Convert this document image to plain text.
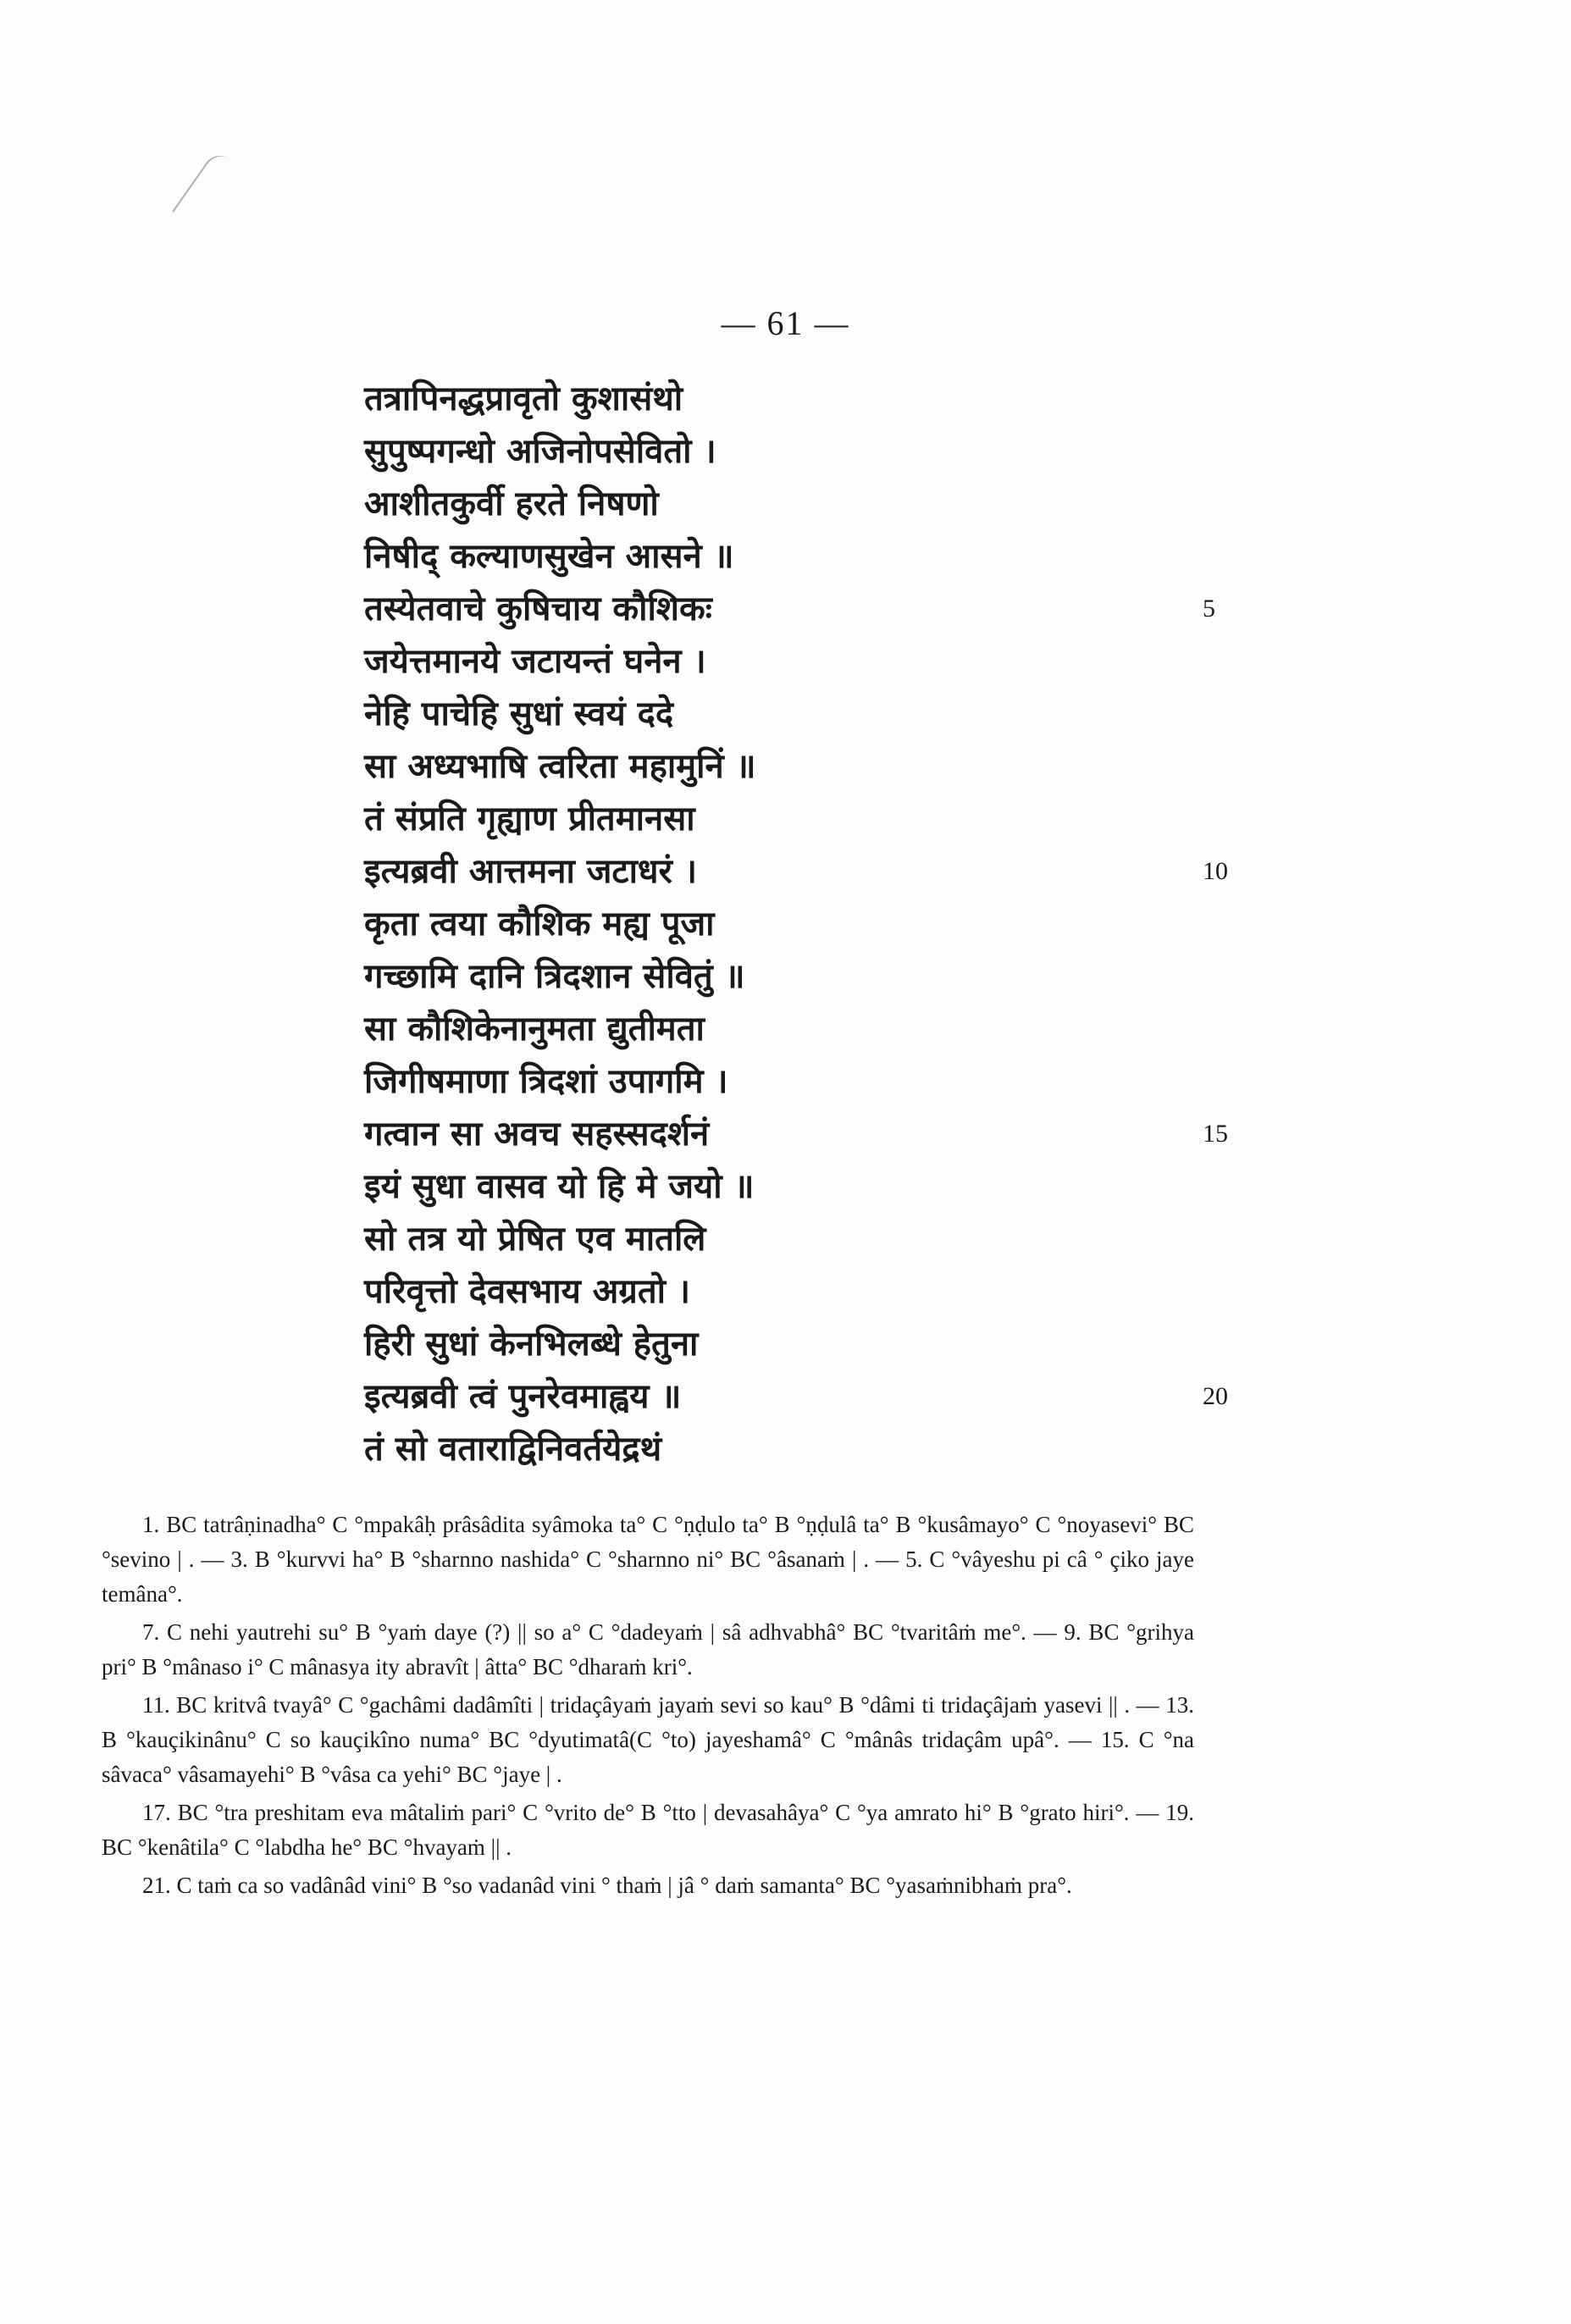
— 61 —
तत्रापिनद्धप्रावृतो कुशासंथो
सुपुष्पगन्धो अजिनोपसेवितो ।
आशीतकुर्वी हरते निषणो
निषीद् कल्याणसुखेन आसने ॥
तस्येतवाचे कुषिचाय कौशिकः	5
जयेत्तमानये जटायन्तं घनेन ।
नेहि पाचेहि सुधां स्वयं ददे
सा अध्यभाषि त्वरिता महामुनिं ॥
तं संप्रति गृह्याण प्रीतमानसा
इत्यब्रवी आत्तमना जटाधरं ।	10
कृता त्वया कौशिक मह्य पूजा
गच्छामि दानि त्रिदशान सेवितुं ॥
सा कौशिकेनानुमता द्युतीमता
जिगीषमाणा त्रिदशां उपागमि ।
गत्वान सा अवच सहस्सदर्शनं	15
इयं सुधा वासव यो हि मे जयो ॥
सो तत्र यो प्रेषित एव मातलि
परिवृत्तो देवसभाय अग्रतो ।
हिरी सुधां केनभिलब्धे हेतुना
इत्यब्रवी त्वं पुनरेवमाह्वय ॥	20
तं सो वताराद्विनिवर्तयेद्रथं

1. BC tatrâṇinadha° C °mpakâḥ prâsâdita syâmoka ta° C °ṇḍulo ta° B °ṇḍulâ ta° B °kusâmayo° C °noyasevi° BC °sevino | . — 3. B °kurvvi ha° B °sharnno nashida° C °sharnno ni° BC °âsanaṁ | . — 5. C °vâyeshu pi câ ° çiko jaye temâna°.

7. C nehi yautrehi su° B °yaṁ daye (?) || so a° C °dadeyaṁ | sâ adhvabhâ° BC °tvaritâṁ me°. — 9. BC °grihya pri° B °mânaso i° C mânasya ity abravît | âtta° BC °dharaṁ kri°.

11. BC kritvâ tvayâ° C °gachâmi dadâmîti | tridaçâyaṁ jayaṁ sevi so kau° B °dâmi ti tridaçâjaṁ yasevi || . — 13. B °kauçikinânu° C so kauçikîno numa° BC °dyutimatâ(C °to) jayeshamâ° C °mânâs tridaçâm upâ°. — 15. C °na sâvaca° vâsamayehi° B °vâsa ca yehi° BC °jaye | .

17. BC °tra preshitam eva mâtaliṁ pari° C °vrito de° B °tto | devasahâya° C °ya amrato hi° B °grato hiri°. — 19. BC °kenâtila° C °labdha he° BC °hvayaṁ || .

21. C taṁ ca so vadânâd vini° B °so vadanâd vini ° thaṁ | jâ ° daṁ samanta° BC °yasaṁnibhaṁ pra°.
